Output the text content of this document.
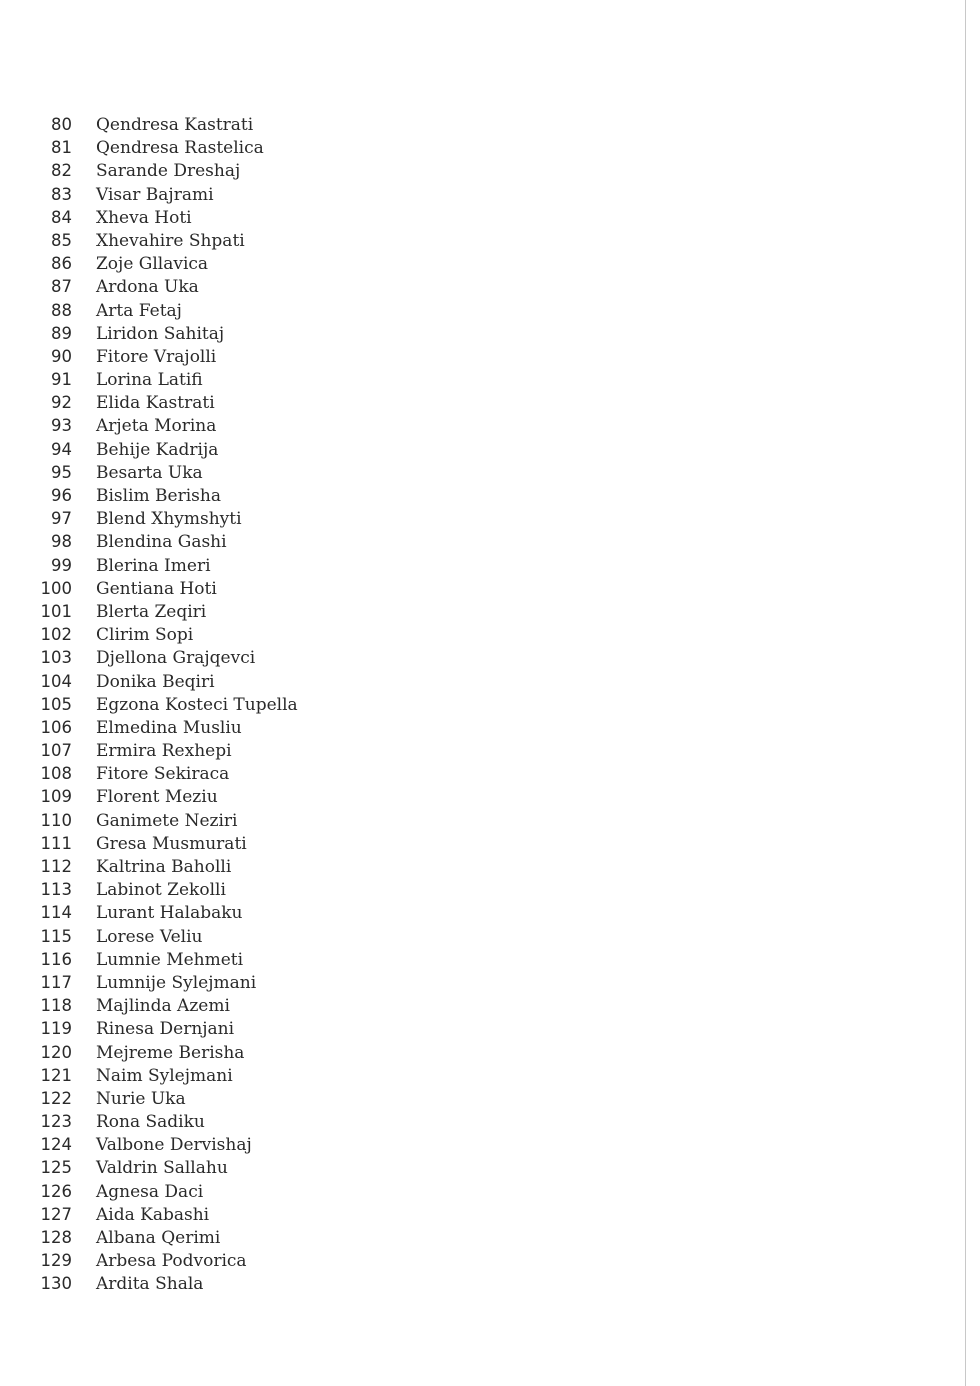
80 Qendresa Kastrati
81 Qendresa Rastelica
82 Sarande Dreshaj
83 Visar Bajrami
84 Xheva Hoti
85 Xhevahire Shpati
86 Zoje Gllavica
87 Ardona Uka
88 Arta Fetaj
89 Liridon Sahitaj
90 Fitore Vrajolli
91 Lorina Latifi
92 Elida Kastrati
93 Arjeta Morina
94 Behije Kadrija
95 Besarta Uka
96 Bislim Berisha
97 Blend Xhymshyti
98 Blendina Gashi
99 Blerina Imeri
100 Gentiana Hoti
101 Blerta Zeqiri
102 Clirim Sopi
103 Djellona Grajqevci
104 Donika Beqiri
105 Egzona Kosteci Tupella
106 Elmedina Musliu
107 Ermira Rexhepi
108 Fitore Sekiraca
109 Florent Meziu
110 Ganimete Neziri
111 Gresa Musmurati
112 Kaltrina Baholli
113 Labinot Zekolli
114 Lurant Halabaku
115 Lorese Veliu
116 Lumnie Mehmeti
117 Lumnije Sylejmani
118 Majlinda Azemi
119 Rinesa Dernjani
120 Mejreme Berisha
121 Naim Sylejmani
122 Nurie Uka
123 Rona Sadiku
124 Valbone Dervishaj
125 Valdrin Sallahu
126 Agnesa Daci
127 Aida Kabashi
128 Albana Qerimi
129 Arbesa Podvorica
130 Ardita Shala
